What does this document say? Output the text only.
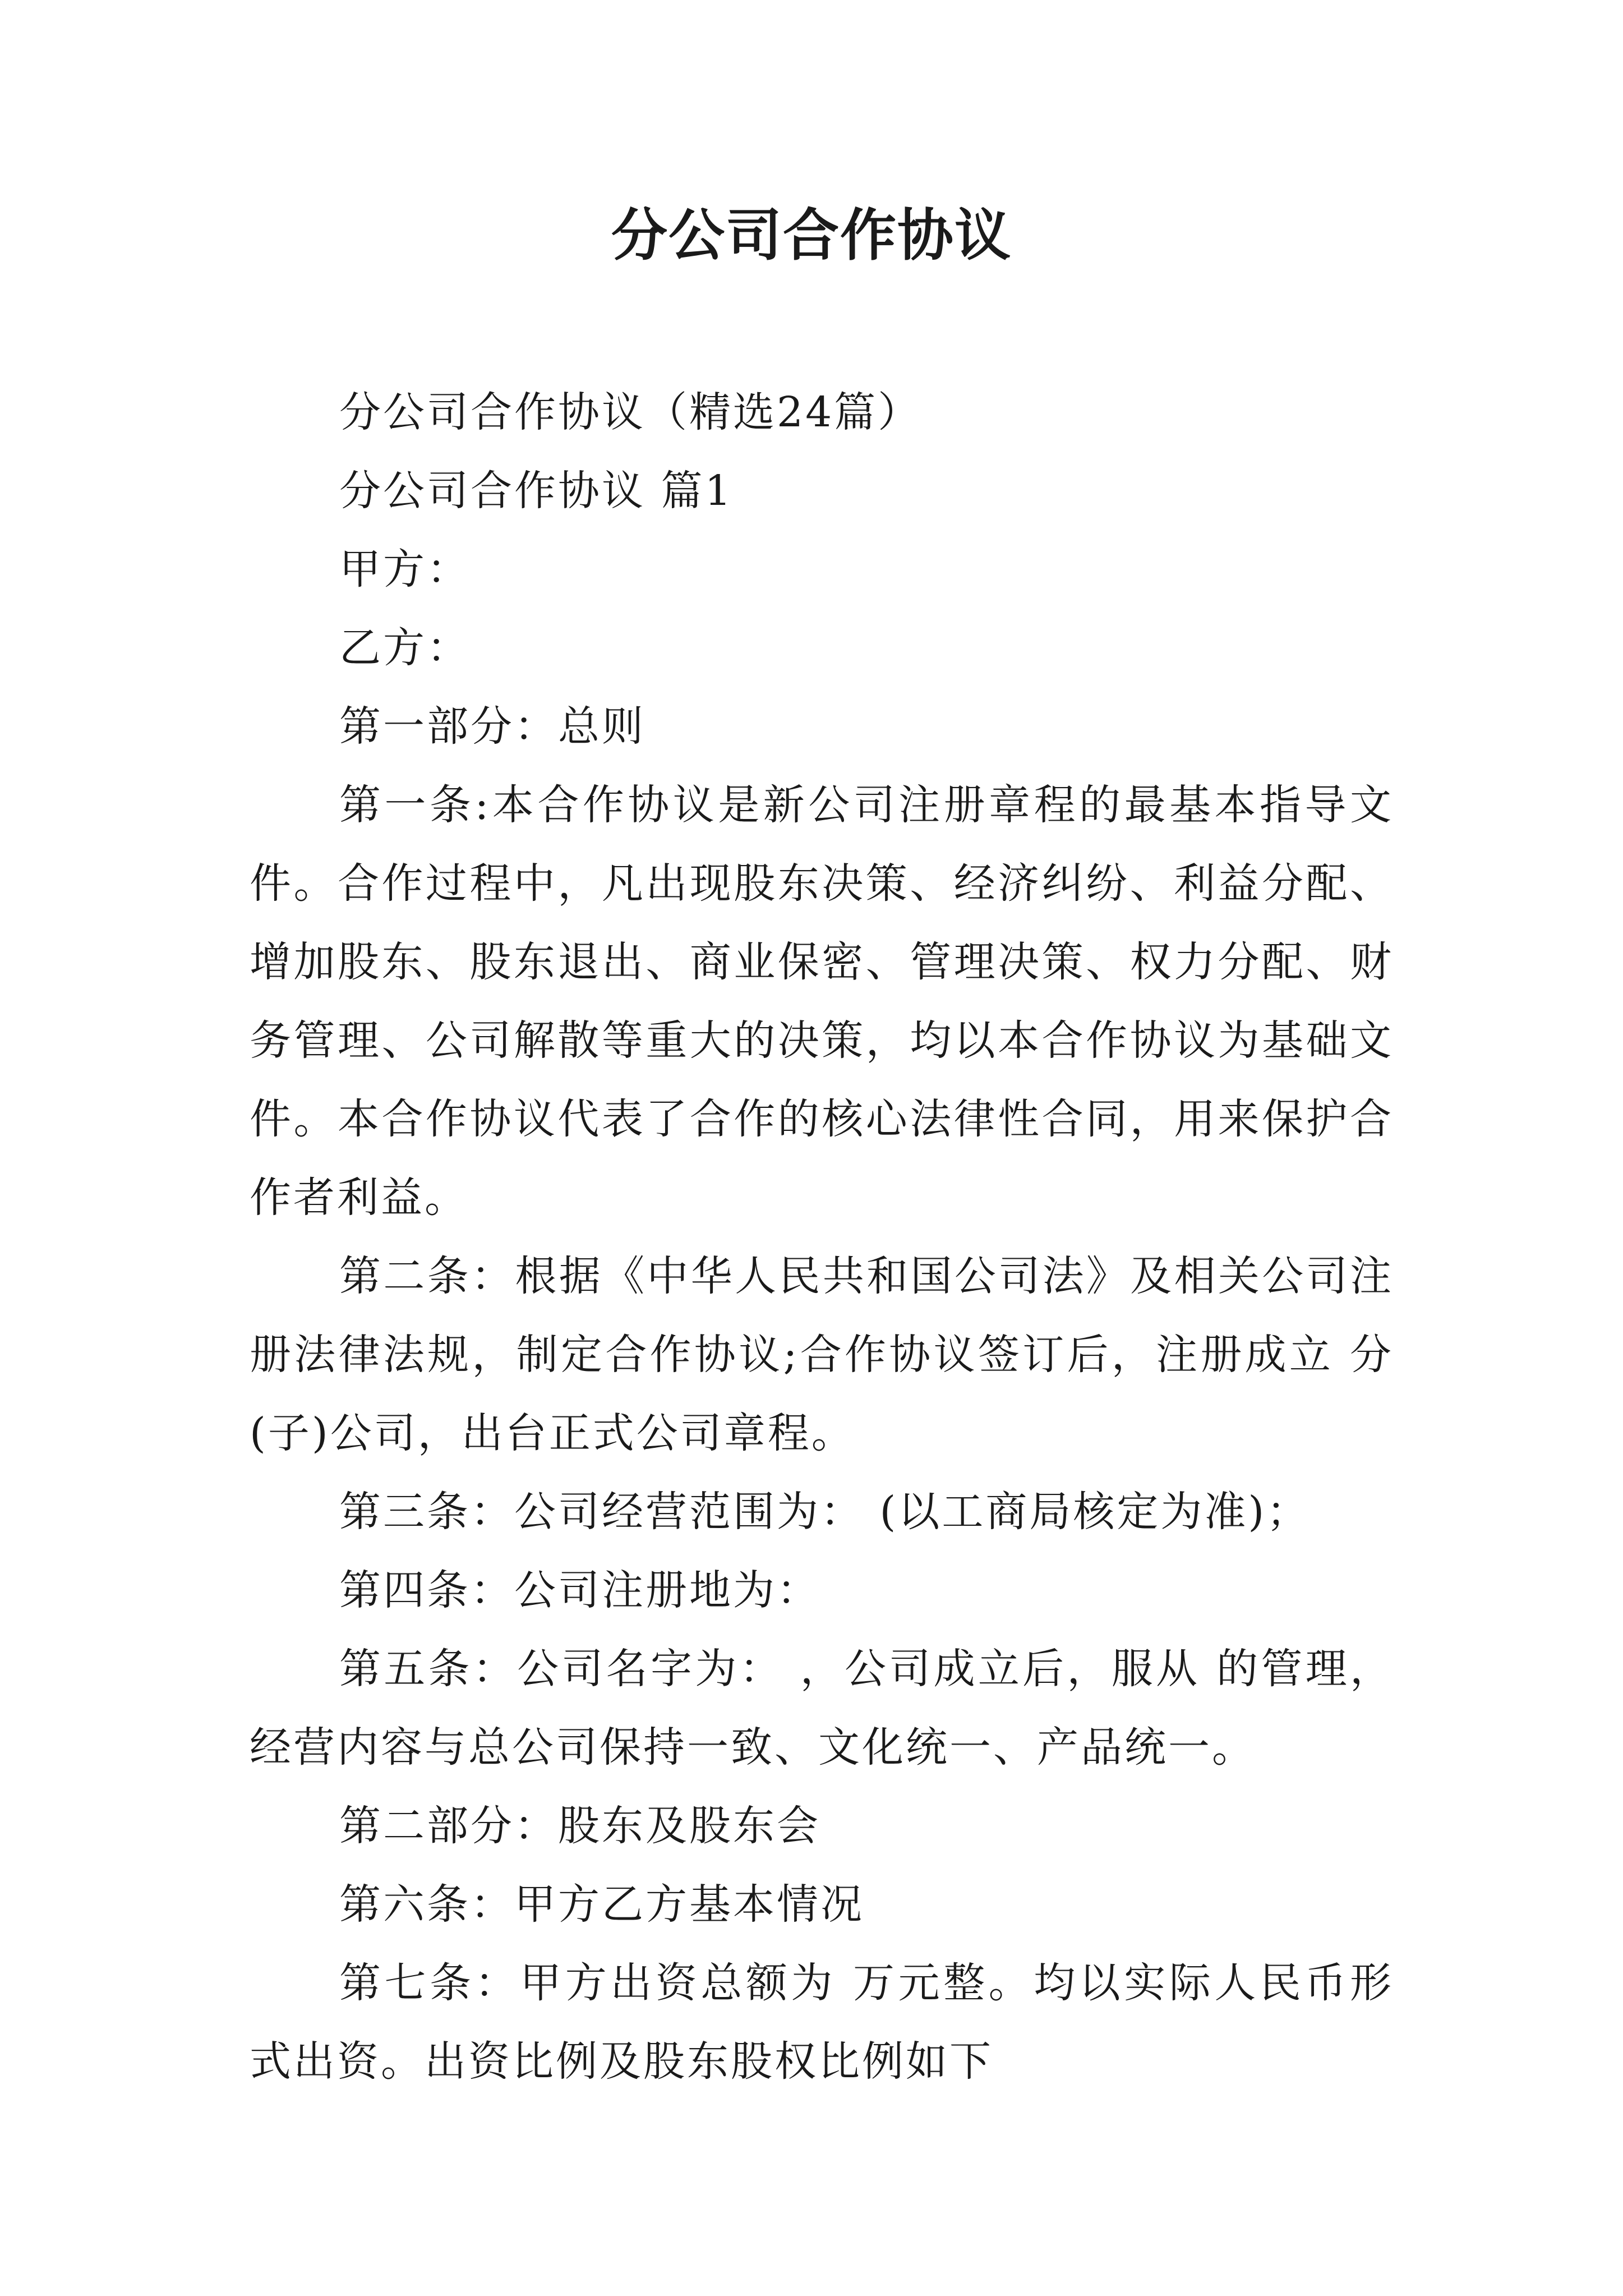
分公司合作协议

分公司合作协议（精选24篇）

分公司合作协议 篇1

甲方：

乙方：

第一部分：总则

第一条:本合作协议是新公司注册章程的最基本指导文件。合作过程中，凡出现股东决策、经济纠纷、利益分配、增加股东、股东退出、商业保密、管理决策、权力分配、财务管理、公司解散等重大的决策，均以本合作协议为基础文件。本合作协议代表了合作的核心法律性合同，用来保护合作者利益。

第二条：根据《中华人民共和国公司法》及相关公司注册法律法规，制定合作协议;合作协议签订后，注册成立 分(子)公司，出台正式公司章程。

第三条：公司经营范围为： (以工商局核定为准)；

第四条：公司注册地为：

第五条：公司名字为： ，公司成立后，服从 的管理，经营内容与总公司保持一致、文化统一、产品统一。

第二部分：股东及股东会

第六条：甲方乙方基本情况

第七条：甲方出资总额为 万元整。均以实际人民币形式出资。出资比例及股东股权比例如下
